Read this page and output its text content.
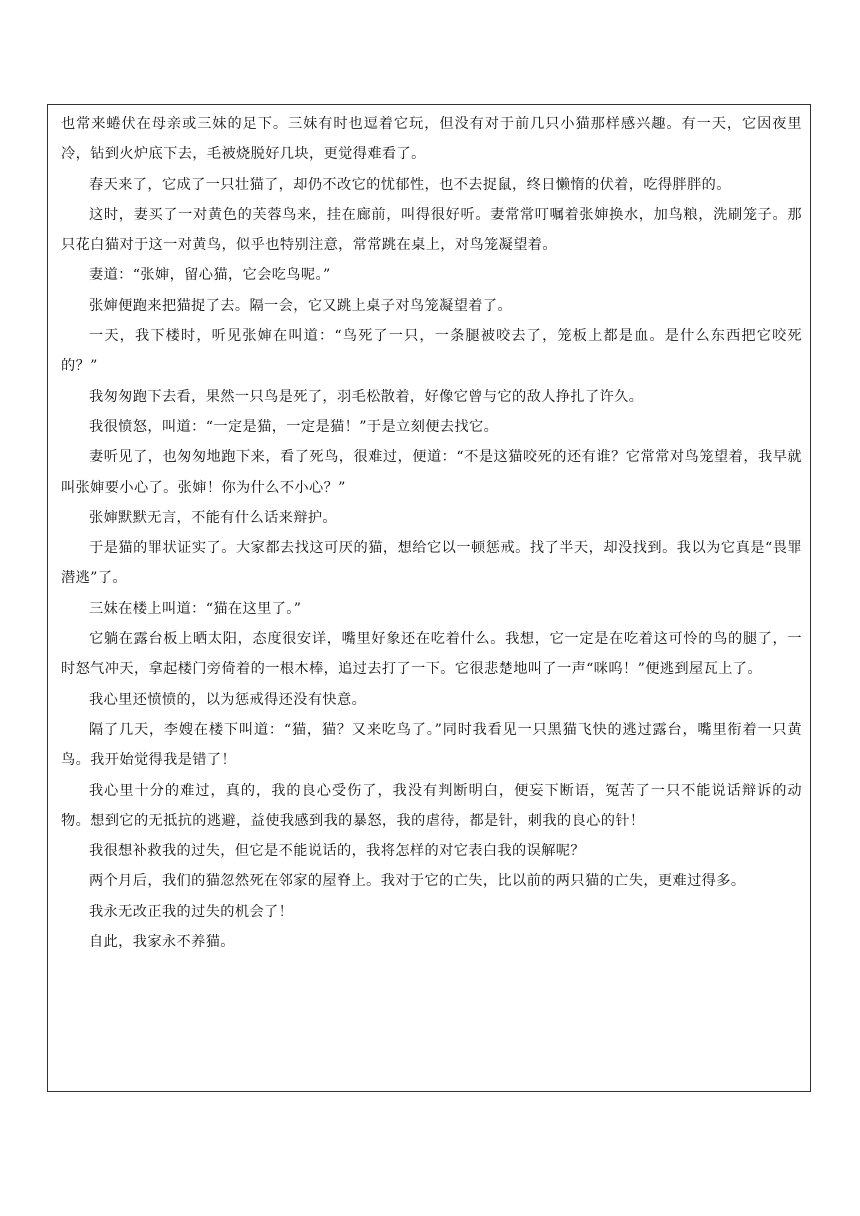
也常来蜷伏在母亲或三妹的足下。三妹有时也逗着它玩，但没有对于前几只小猫那样感兴趣。有一天，它因夜里冷，钻到火炉底下去，毛被烧脱好几块，更觉得难看了。

春天来了，它成了一只壮猫了，却仍不改它的忧郁性，也不去捉鼠，终日懒惰的伏着，吃得胖胖的。

这时，妻买了一对黄色的芙蓉鸟来，挂在廊前，叫得很好听。妻常常叮嘱着张婶换水，加鸟粮，洗刷笼子。那只花白猫对于这一对黄鸟，似乎也特别注意，常常跳在桌上，对鸟笼凝望着。

妻道：“张婶，留心猫，它会吃鸟呢。”

张婶便跑来把猫捉了去。隔一会，它又跳上桌子对鸟笼凝望着了。

一天，我下楼时，听见张婶在叫道：“鸟死了一只，一条腿被咬去了，笼板上都是血。是什么东西把它咬死的？”

我匆匆跑下去看，果然一只鸟是死了，羽毛松散着，好像它曾与它的敌人挣扎了许久。

我很愤怒，叫道：“一定是猫，一定是猫！”于是立刻便去找它。

妻听见了，也匆匆地跑下来，看了死鸟，很难过，便道：“不是这猫咬死的还有谁？它常常对鸟笼望着，我早就叫张婶要小心了。张婶！你为什么不小心？”

张婶默默无言，不能有什么话来辩护。

于是猫的罪状证实了。大家都去找这可厌的猫，想给它以一顿惩戒。找了半天，却没找到。我以为它真是“畏罪潜逃”了。

三妹在楼上叫道：“猫在这里了。”

它躺在露台板上晒太阳，态度很安详，嘴里好象还在吃着什么。我想，它一定是在吃着这可怜的鸟的腿了，一时怒气冲天，拿起楼门旁倚着的一根木棒，追过去打了一下。它很悲楚地叫了一声“咪呜！”便逃到屋瓦上了。

我心里还愤愤的，以为惩戒得还没有快意。

隔了几天，李嫂在楼下叫道：“猫，猫？又来吃鸟了。”同时我看见一只黑猫飞快的逃过露台，嘴里衔着一只黄鸟。我开始觉得我是错了！

我心里十分的难过，真的，我的良心受伤了，我没有判断明白，便妄下断语，冤苦了一只不能说话辩诉的动物。想到它的无抵抗的逃避，益使我感到我的暴怒，我的虐待，都是针，刺我的良心的针！

我很想补救我的过失，但它是不能说话的，我将怎样的对它表白我的误解呢？

两个月后，我们的猫忽然死在邻家的屋脊上。我对于它的亡失，比以前的两只猫的亡失，更难过得多。

我永无改正我的过失的机会了！

自此，我家永不养猫。
